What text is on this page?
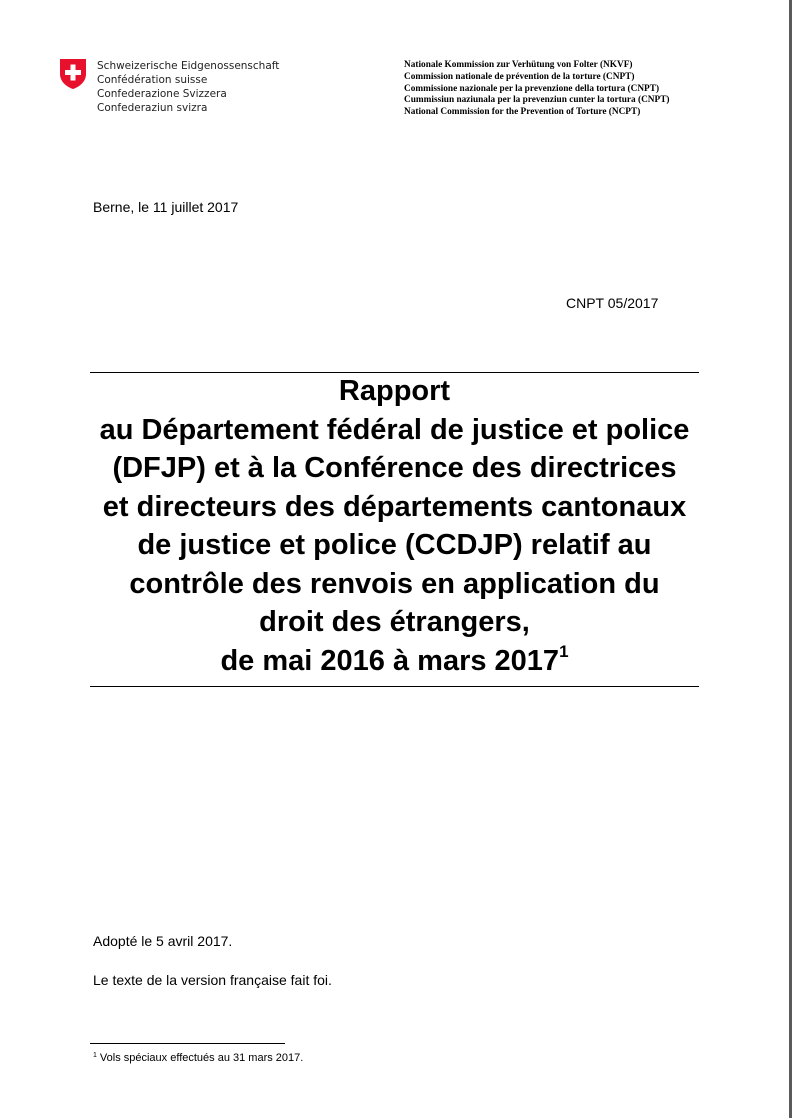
Schweizerische Eidgenossenschaft
Confédération suisse
Confederazione Svizzera
Confederaziun svizra
Nationale Kommission zur Verhütung von Folter (NKVF)
Commission nationale de prévention de la torture (CNPT)
Commissione nazionale per la prevenzione della tortura (CNPT)
Cummissiun naziunala per la prevenziun cunter la tortura (CNPT)
National Commission for the Prevention of Torture (NCPT)
Berne, le 11 juillet 2017
CNPT 05/2017
Rapport
au Département fédéral de justice et police
(DFJP) et à la Conférence des directrices
et directeurs des départements cantonaux
de justice et police (CCDJP) relatif au
contrôle des renvois en application du
droit des étrangers,
de mai 2016 à mars 2017$^1$
Adopté le 5 avril 2017.
Le texte de la version française fait foi.
$^1$ Vols spéciaux effectués au 31 mars 2017.
